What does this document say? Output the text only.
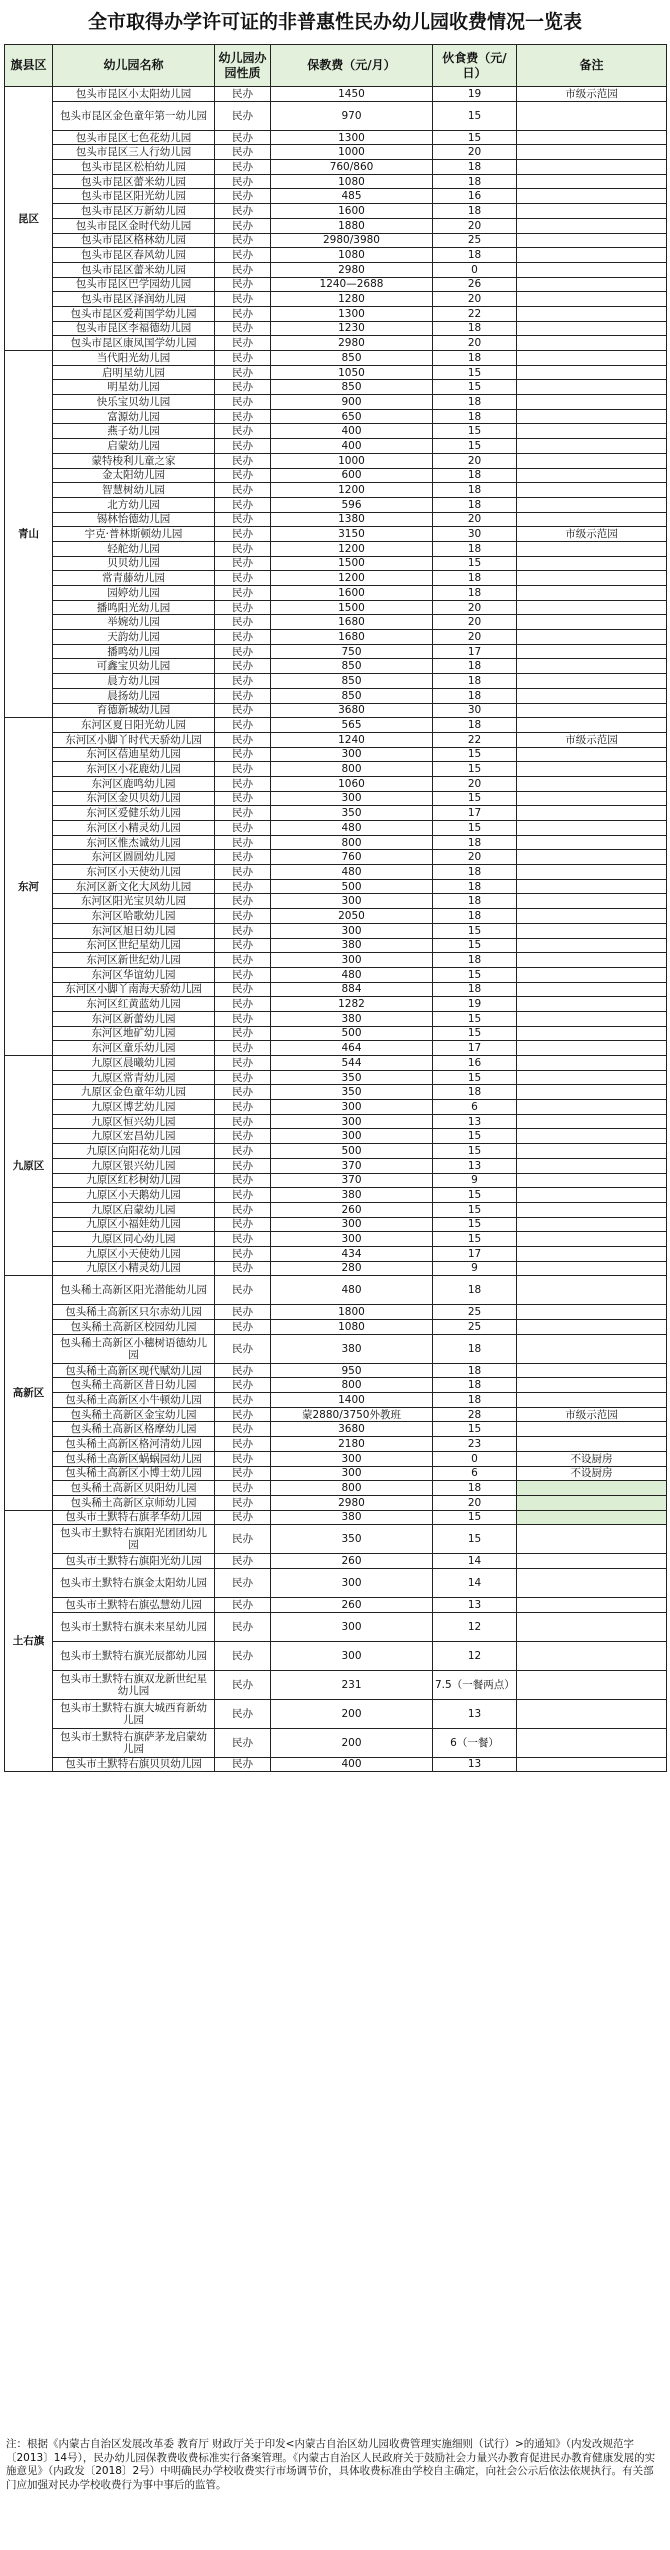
全市取得办学许可证的非普惠性民办幼儿园收费情况一览表
旗县区	幼儿园名称	幼儿园办园性质	保教费（元/月）	伙食费（元/日）	备注
昆区	包头市昆区小太阳幼儿园	民办	1450	19	市级示范园
	包头市昆区金色童年第一幼儿园	民办	970	15	
	包头市昆区七色花幼儿园	民办	1300	15	
	包头市昆区三人行幼儿园	民办	1000	20	
	包头市昆区松柏幼儿园	民办	760/860	18	
	包头市昆区蕾米幼儿园	民办	1080	18	
	包头市昆区阳光幼儿园	民办	485	16	
	包头市昆区万新幼儿园	民办	1600	18	
	包头市昆区金时代幼儿园	民办	1880	20	
	包头市昆区格林幼儿园	民办	2980/3980	25	
	包头市昆区春风幼儿园	民办	1080	18	
	包头市昆区蕾米幼儿园	民办	2980	0	
	包头市昆区巴学园幼儿园	民办	1240—2688	26	
	包头市昆区泽润幼儿园	民办	1280	20	
	包头市昆区爱莉国学幼儿园	民办	1300	22	
	包头市昆区李福德幼儿园	民办	1230	18	
	包头市昆区康凤国学幼儿园	民办	2980	20	
青山	当代阳光幼儿园	民办	850	18	
	启明星幼儿园	民办	1050	15	
	明星幼儿园	民办	850	15	
	快乐宝贝幼儿园	民办	900	18	
	富源幼儿园	民办	650	18	
	燕子幼儿园	民办	400	15	
	启蒙幼儿园	民办	400	15	
	蒙特梭利儿童之家	民办	1000	20	
	金太阳幼儿园	民办	600	18	
	智慧树幼儿园	民办	1200	18	
	北方幼儿园	民办	596	18	
	锡林怡德幼儿园	民办	1380	20	
	宇克·普林斯顿幼儿园	民办	3150	30	市级示范园
	轻舵幼儿园	民办	1200	18	
	贝贝幼儿园	民办	1500	15	
	常青藤幼儿园	民办	1200	18	
	园婷幼儿园	民办	1600	18	
	播鸣阳光幼儿园	民办	1500	20	
	举婉幼儿园	民办	1680	20	
	天韵幼儿园	民办	1680	20	
	播鸣幼儿园	民办	750	17	
	可鑫宝贝幼儿园	民办	850	18	
	晨方幼儿园	民办	850	18	
	晨扬幼儿园	民办	850	18	
	育德新城幼儿园	民办	3680	30	
东河	东河区夏日阳光幼儿园	民办	565	18	
	东河区小脚丫时代天骄幼儿园	民办	1240	22	市级示范园
	东河区蓓迪星幼儿园	民办	300	15	
	东河区小花鹿幼儿园	民办	800	15	
	东河区鹿鸣幼儿园	民办	1060	20	
	东河区金贝贝幼儿园	民办	300	15	
	东河区爱健乐幼儿园	民办	350	17	
	东河区小精灵幼儿园	民办	480	15	
	东河区惟杰诚幼儿园	民办	800	18	
	东河区圆圆幼儿园	民办	760	20	
	东河区小天使幼儿园	民办	480	18	
	东河区新文化大风幼儿园	民办	500	18	
	东河区阳光宝贝幼儿园	民办	300	18	
	东河区哈歌幼儿园	民办	2050	18	
	东河区旭日幼儿园	民办	300	15	
	东河区世纪星幼儿园	民办	380	15	
	东河区新世纪幼儿园	民办	300	18	
	东河区华谊幼儿园	民办	480	15	
	东河区小脚丫南海天骄幼儿园	民办	884	18	
	东河区红黄蓝幼儿园	民办	1282	19	
	东河区新蕾幼儿园	民办	380	15	
	东河区地矿幼儿园	民办	500	15	
	东河区童乐幼儿园	民办	464	17	
九原区	九原区晨曦幼儿园	民办	544	16	
	九原区常青幼儿园	民办	350	15	
	九原区金色童年幼儿园	民办	350	18	
	九原区博艺幼儿园	民办	300	6	
	九原区恒兴幼儿园	民办	300	13	
	九原区宏昌幼儿园	民办	300	15	
	九原区向阳花幼儿园	民办	500	15	
	九原区银兴幼儿园	民办	370	13	
	九原区红杉树幼儿园	民办	370	9	
	九原区小天鹅幼儿园	民办	380	15	
	九原区启蒙幼儿园	民办	260	15	
	九原区小福娃幼儿园	民办	300	15	
	九原区同心幼儿园	民办	300	15	
	九原区小天使幼儿园	民办	434	17	
	九原区小精灵幼儿园	民办	280	9	
高新区	包头稀土高新区阳光潜能幼儿园	民办	480	18	
	包头稀土高新区只尔赤幼儿园	民办	1800	25	
	包头稀土高新区校园幼儿园	民办	1080	25	
	包头稀土高新区小穗树语德幼儿园	民办	380	18	
	包头稀土高新区现代赋幼儿园	民办	950	18	
	包头稀土高新区昔日幼儿园	民办	800	18	
	包头稀土高新区小牛顿幼儿园	民办	1400	18	
	包头稀土高新区金宝幼儿园	民办	蒙2880/3750外教班	28	市级示范园
	包头稀土高新区格摩幼儿园	民办	3680	15	
	包头稀土高新区格河清幼儿园	民办	2180	23	
	包头稀土高新区蜗蜗园幼儿园	民办	300	0	不设厨房
	包头稀土高新区小博士幼儿园	民办	300	6	不设厨房
	包头稀土高新区贝阳幼儿园	民办	800	18	
	包头稀土高新区京师幼儿园	民办	2980	20	
土右旗	包头市土默特右旗孝华幼儿园	民办	380	15	
	包头市土默特右旗阳光团团幼儿园	民办	350	15	
	包头市土默特右旗阳光幼儿园	民办	260	14	
	包头市土默特右旗金太阳幼儿园	民办	300	14	
	包头市土默特右旗弘慧幼儿园	民办	260	13	
	包头市土默特右旗未来星幼儿园	民办	300	12	
	包头市土默特右旗光辰都幼儿园	民办	300	12	
	包头市土默特右旗双龙新世纪星幼儿园	民办	231	7.5（一餐两点）	
	包头市土默特右旗大城西育新幼儿园	民办	200	13	
	包头市土默特右旗萨茅龙启蒙幼儿园	民办	200	6（一餐）	
	包头市土默特右旗贝贝幼儿园	民办	400	13	
注：根据《内蒙古自治区发展改革委 教育厅 财政厅关于印发<内蒙古自治区幼儿园收费管理实施细则（试行）>的通知》（内发改规范字〔2013〕14号），民办幼儿园保教费收费标准实行备案管理。《内蒙古自治区人民政府关于鼓励社会力量兴办教育促进民办教育健康发展的实施意见》（内政发〔2018〕2号）中明确民办学校收费实行市场调节价，具体收费标准由学校自主确定，向社会公示后依法依规执行。有关部门应加强对民办学校收费行为事中事后的监管。
